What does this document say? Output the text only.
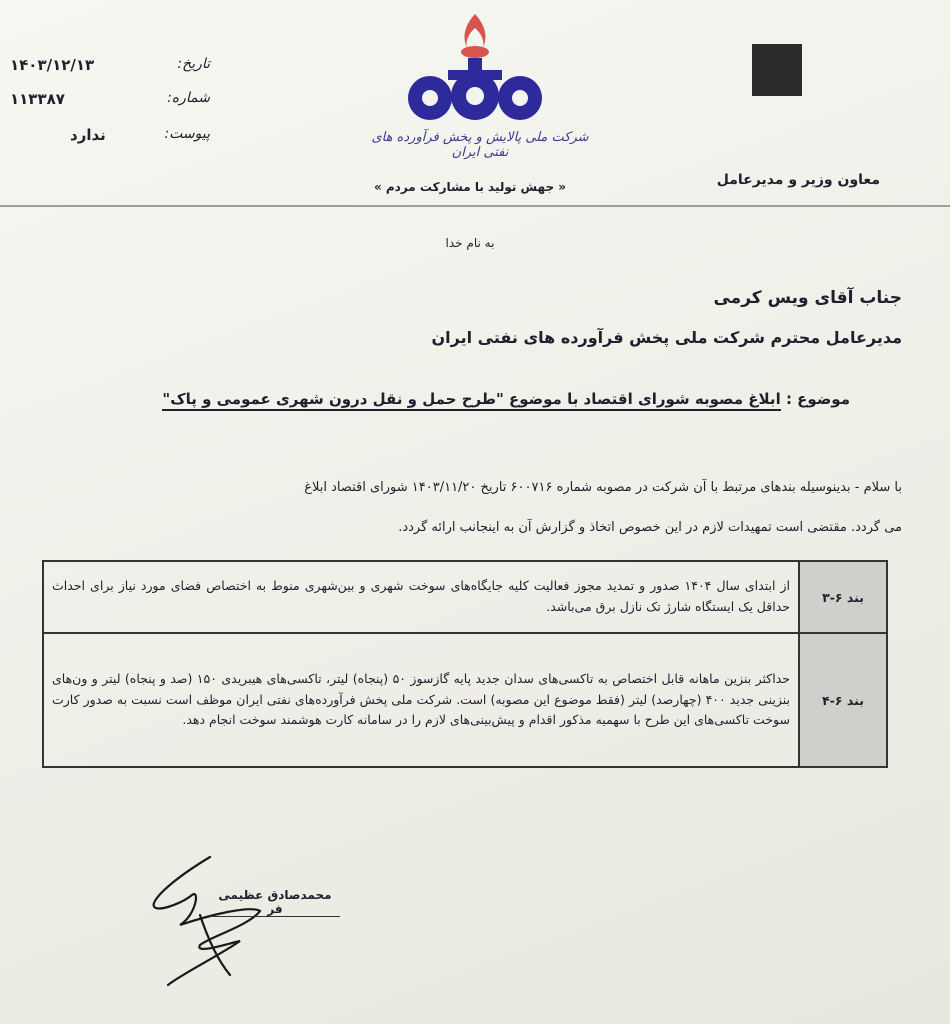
تاریخ:
۱۴۰۳/۱۲/۱۳
شماره:
۱۱۳۳۸۷
پیوست:
ندارد	شرکت ملی پالایش و پخش فرآورده های نفتی ایران
« جهش تولید با مشارکت مردم »	معاون وزیر و مدیرعامل
به نام خدا
جناب آقای ویس کرمی
مدیرعامل محترم شرکت ملی پخش فرآورده های نفتی ایران
موضوع : ابلاغ مصوبه شورای اقتصاد با موضوع "طرح حمل و نقل درون شهری عمومی و پاک"
با سلام - بدینوسیله بندهای مرتبط با آن شرکت در مصوبه شماره ۶۰۰۷۱۶ تاریخ ۱۴۰۳/۱۱/۲۰ شورای اقتصاد ابلاغ
می گردد. مقتضی است تمهیدات لازم در این خصوص اتخاذ و گزارش آن به اینجانب ارائه گردد.
بند ۶-۳	از ابتدای سال ۱۴۰۴ صدور و تمدید مجوز فعالیت کلیه جایگاه‌های سوخت شهری و بین‌شهری منوط به اختصاص فضای مورد نیاز برای احداث حداقل یک ایستگاه شارژ تک نازل برق می‌باشد.
بند ۶-۴	حداکثر بنزین ماهانه قابل اختصاص به تاکسی‌های سدان جدید پایه گازسوز ۵۰ (پنجاه) لیتر، تاکسی‌های هیبریدی ۱۵۰ (صد و پنجاه) لیتر و ون‌های بنزینی جدید ۴۰۰ (چهارصد) لیتر (فقط موضوع این مصوبه) است. شرکت ملی پخش فرآورده‌های نفتی ایران موظف است نسبت به صدور کارت سوخت تاکسی‌های این طرح با سهمیه مذکور اقدام و پیش‌بینی‌های لازم را در سامانه کارت هوشمند سوخت انجام دهد.
محمدصادق عظیمی فر
